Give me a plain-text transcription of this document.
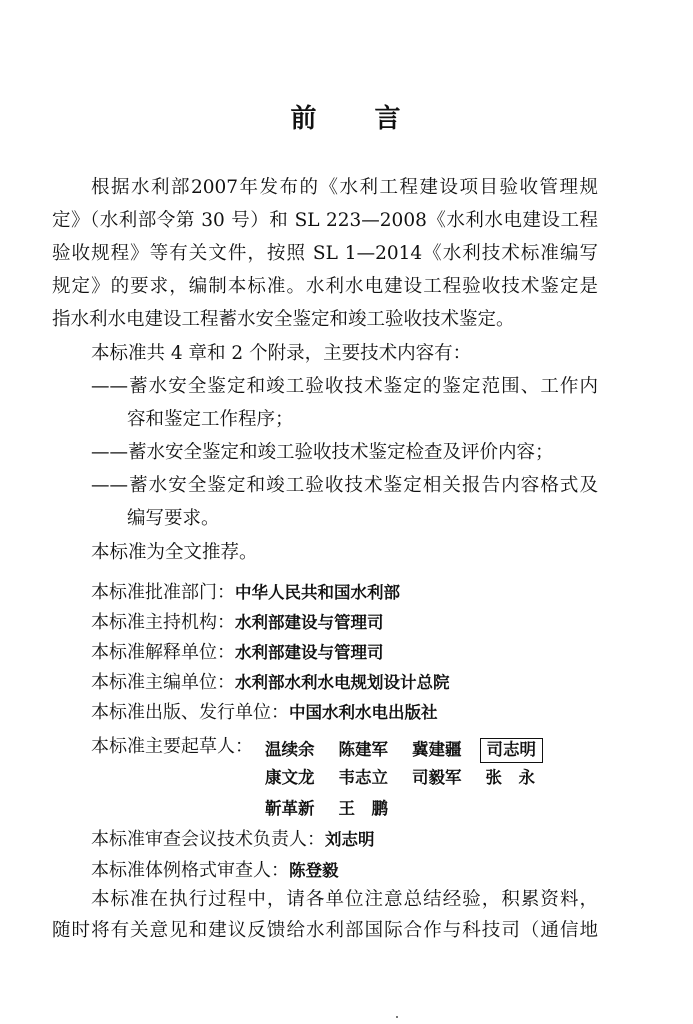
前 言
根据水利部2007年发布的《水利工程建设项目验收管理规
定》（水利部令第 30 号）和 SL 223—2008《水利水电建设工程
验收规程》等有关文件，按照 SL 1—2014《水利技术标准编写
规定》的要求，编制本标准。水利水电建设工程验收技术鉴定是
指水利水电建设工程蓄水安全鉴定和竣工验收技术鉴定。
本标准共 4 章和 2 个附录，主要技术内容有：
——蓄水安全鉴定和竣工验收技术鉴定的鉴定范围、工作内
容和鉴定工作程序；
——蓄水安全鉴定和竣工验收技术鉴定检查及评价内容；
——蓄水安全鉴定和竣工验收技术鉴定相关报告内容格式及
编写要求。
本标准为全文推荐。
本标准批准部门：中华人民共和国水利部
本标准主持机构：水利部建设与管理司
本标准解释单位：水利部建设与管理司
本标准主编单位：水利部水利水电规划设计总院
本标准出版、发行单位：中国水利水电出版社
本标准主要起草人： 温续余 陈建军 冀建疆 司志明
康文龙 韦志立 司毅军 张　永
靳革新 王　鹏
本标准审查会议技术负责人：刘志明
本标准体例格式审查人：陈登毅
本标准在执行过程中，请各单位注意总结经验，积累资料，
随时将有关意见和建议反馈给水利部国际合作与科技司（通信地
